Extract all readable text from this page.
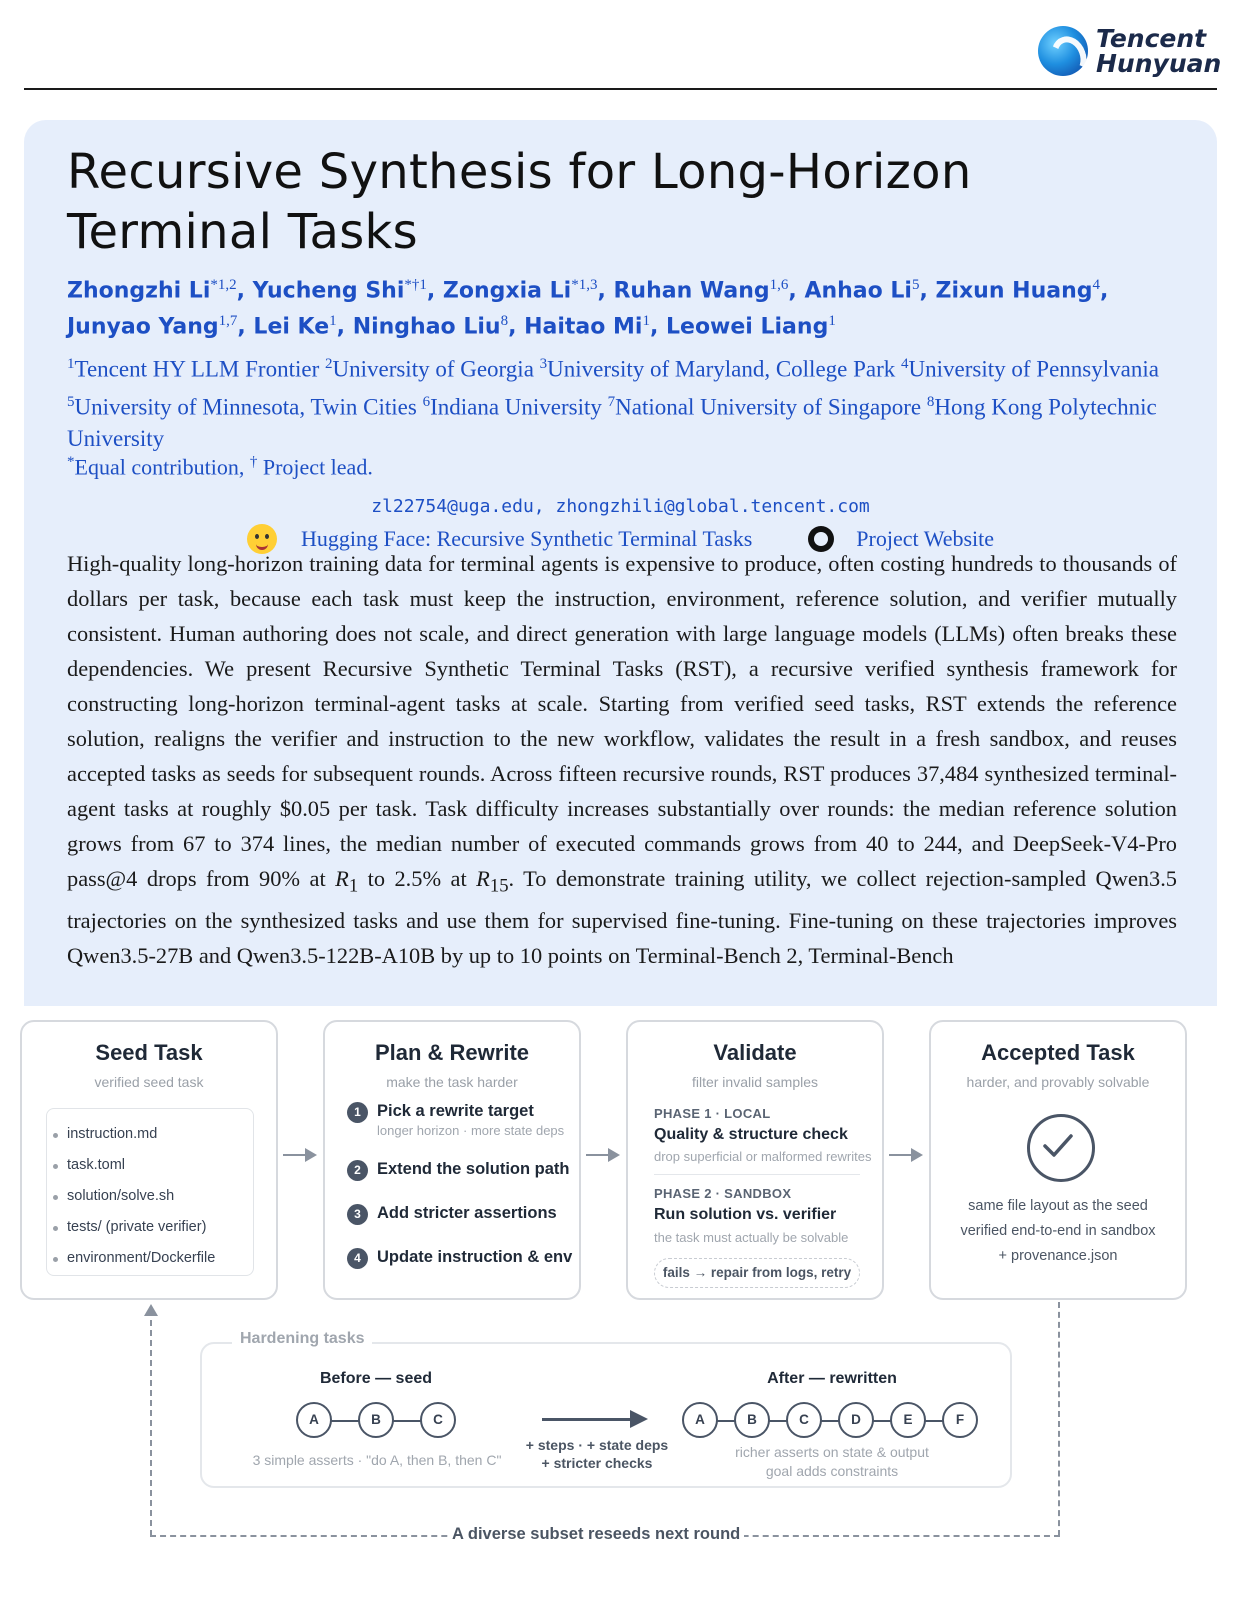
Tencent
Hunyuan
Recursive Synthesis for Long-Horizon Terminal Tasks
Zhongzhi Li$^{*1,2}$, Yucheng Shi$^{*\dagger 1}$, Zongxia Li$^{*1,3}$, Ruhan Wang$^{1,6}$, Anhao Li$^5$, Zixun Huang$^4$, Junyao Yang$^{1,7}$, Lei Ke$^1$, Ninghao Liu$^8$, Haitao Mi$^1$, Leowei Liang$^1$
$^1$Tencent HY LLM Frontier $^2$University of Georgia $^3$University of Maryland, College Park $^4$University of Pennsylvania $^5$University of Minnesota, Twin Cities $^6$Indiana University $^7$National University of Singapore $^8$Hong Kong Polytechnic University
*Equal contribution, † Project lead.
zl22754@uga.edu, zhongzhili@global.tencent.com
Hugging Face: Recursive Synthetic Terminal Tasks	Project Website

High-quality long-horizon training data for terminal agents is expensive to produce, often costing hundreds to thousands of dollars per task, because each task must keep the instruction, environment, reference solution, and verifier mutually consistent. Human authoring does not scale, and direct generation with large language models (LLMs) often breaks these dependencies. We present Recursive Synthetic Terminal Tasks (RST), a recursive verified synthesis framework for constructing long-horizon terminal-agent tasks at scale. Starting from verified seed tasks, RST extends the reference solution, realigns the verifier and instruction to the new workflow, validates the result in a fresh sandbox, and reuses accepted tasks as seeds for subsequent rounds. Across fifteen recursive rounds, RST produces 37,484 synthesized terminal-agent tasks at roughly $0.05 per task. Task difficulty increases substantially over rounds: the median reference solution grows from 67 to 374 lines, the median number of executed commands grows from 40 to 244, and DeepSeek-V4-Pro pass@4 drops from 90% at $R_1$ to 2.5% at $R_{15}$. To demonstrate training utility, we collect rejection-sampled Qwen3.5 trajectories on the synthesized tasks and use them for supervised fine-tuning. Fine-tuning on these trajectories improves Qwen3.5-27B and Qwen3.5-122B-A10B by up to 10 points on Terminal-Bench 2, Terminal-Bench

Seed Task
verified seed task
instruction.md
task.toml
solution/solve.sh
tests/ (private verifier)
environment/Dockerfile
Plan & Rewrite
make the task harder
1 Pick a rewrite target
longer horizon · more state deps
2 Extend the solution path
3 Add stricter assertions
4 Update instruction & env
Validate
filter invalid samples
PHASE 1 · LOCAL
Quality & structure check
drop superficial or malformed rewrites
PHASE 2 · SANDBOX
Run solution vs. verifier
the task must actually be solvable
fails → repair from logs, retry
Accepted Task
harder, and provably solvable
same file layout as the seed
verified end-to-end in sandbox
+ provenance.json
A diverse subset reseeds next round
Hardening tasks
Before — seed
A	B	C
3 simple asserts · "do A, then B, then C"
+ steps · + state deps
+ stricter checks
After — rewritten
A	B	C	D	E	F
richer asserts on state & output
goal adds constraints
